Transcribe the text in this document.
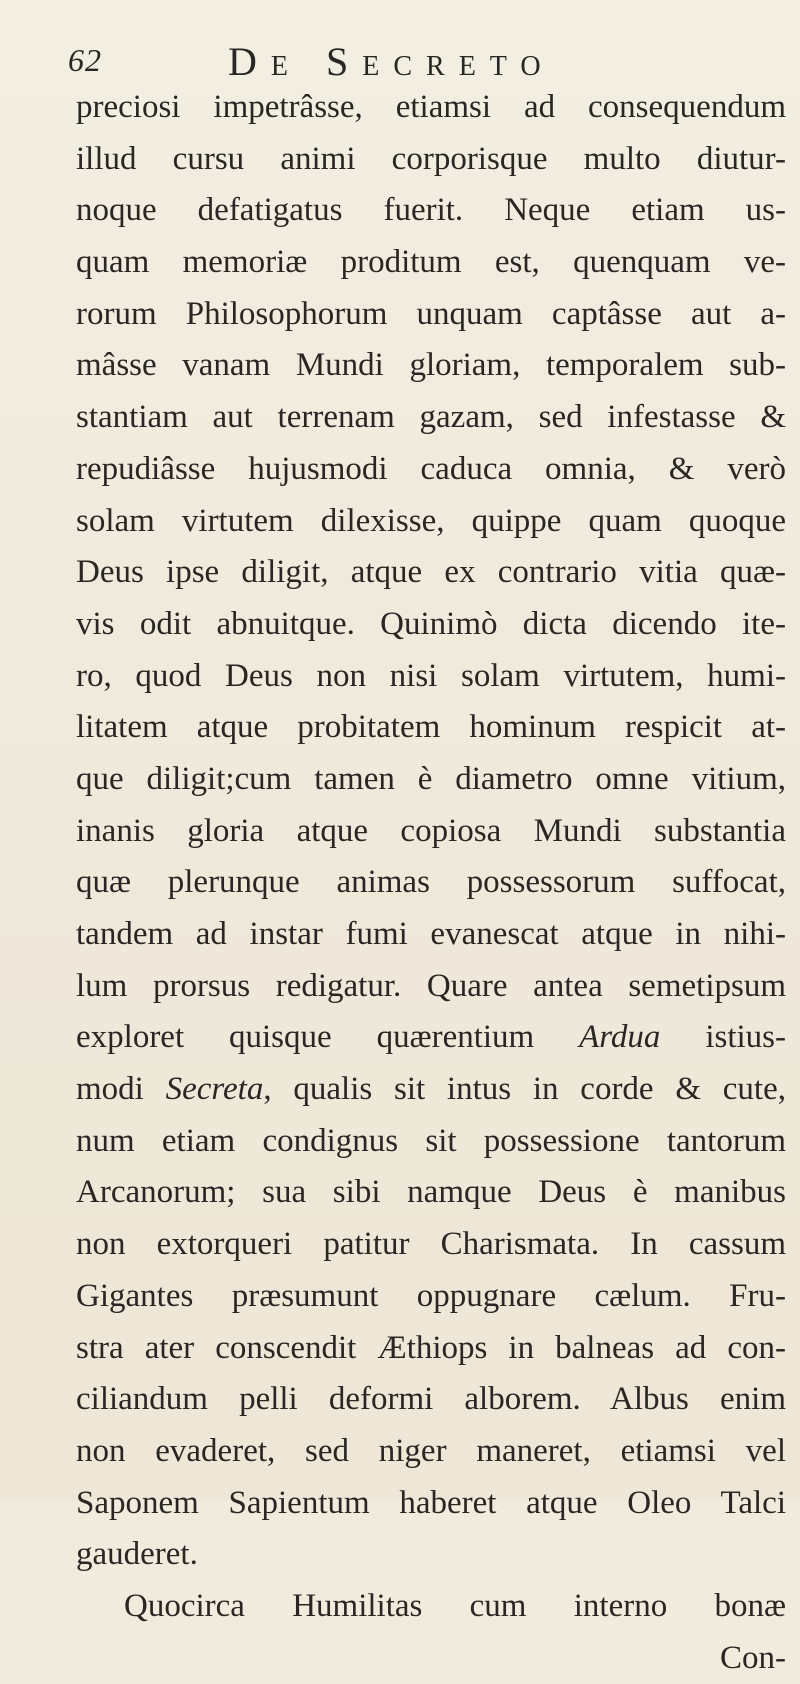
62	De Secreto
preciosi impetrâsse, etiamsi ad consequendum
illud cursu animi corporisque multo diutur-
noque defatigatus fuerit. Neque etiam us-
quam memoriæ proditum est, quenquam ve-
rorum Philosophorum unquam captâsse aut a-
mâsse vanam Mundi gloriam, temporalem sub-
stantiam aut terrenam gazam, sed infestasse &
repudiâsse hujusmodi caduca omnia, & verò
solam virtutem dilexisse, quippe quam quoque
Deus ipse diligit, atque ex contrario vitia quæ-
vis odit abnuitque. Quinimò dicta dicendo ite-
ro, quod Deus non nisi solam virtutem, humi-
litatem atque probitatem hominum respicit at-
que diligit;cum tamen è diametro omne vitium,
inanis gloria atque copiosa Mundi substantia
quæ plerunque animas possessorum suffocat,
tandem ad instar fumi evanescat atque in nihi-
lum prorsus redigatur. Quare antea semetipsum
exploret quisque quærentium Ardua istius-
modi Secreta, qualis sit intus in corde & cute,
num etiam condignus sit possessione tantorum
Arcanorum; sua sibi namque Deus è manibus
non extorqueri patitur Charismata. In cassum
Gigantes præsumunt oppugnare cælum. Fru-
stra ater conscendit Æthiops in balneas ad con-
ciliandum pelli deformi alborem. Albus enim
non evaderet, sed niger maneret, etiamsi vel
Saponem Sapientum haberet atque Oleo Talci
gauderet.
Quocirca Humilitas cum interno bonæ
Con-
